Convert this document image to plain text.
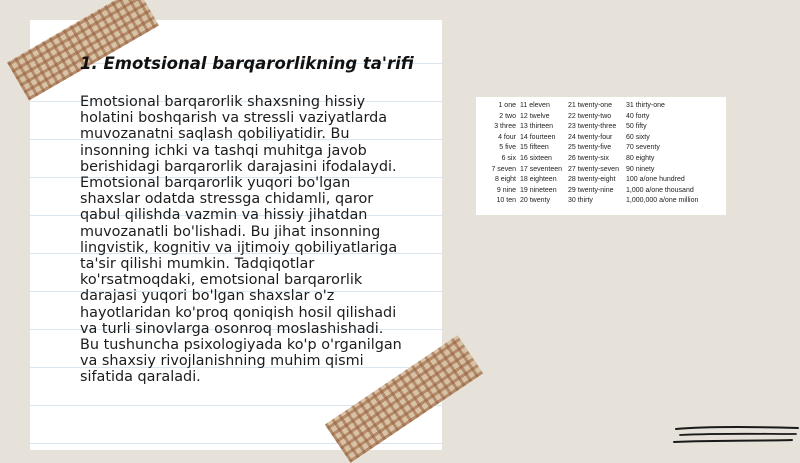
1. Emotsional barqarorlikning ta'rifi

Emotsional barqarorlik shaxsning hissiy
holatini boshqarish va stressli vaziyatlarda
muvozanatni saqlash qobiliyatidir. Bu
insonning ichki va tashqi muhitga javob
berishidagi barqarorlik darajasini ifodalaydi.
Emotsional barqarorlik yuqori bo'lgan
shaxslar odatda stressga chidamli, qaror
qabul qilishda vazmin va hissiy jihatdan
muvozanatli bo'lishadi. Bu jihat insonning
lingvistik, kognitiv va ijtimoiy qobiliyatlariga
ta'sir qilishi mumkin. Tadqiqotlar
ko'rsatmoqdaki, emotsional barqarorlik
darajasi yuqori bo'lgan shaxslar o'z
hayotlaridan ko'proq qoniqish hosil qilishadi
va turli sinovlarga osonroq moslashishadi.
Bu tushuncha psixologiyada ko'p o'rganilgan
va shaxsiy rivojlanishning muhim qismi
sifatida qaraladi.

1 one
2 two
3 three
4 four
5 five
6 six
7 seven
8 eight
9 nine
10 ten
11 eleven
12 twelve
13 thirteen
14 fourteen
15 fifteen
16 sixteen
17 seventeen
18 eighteen
19 nineteen
20 twenty
21 twenty-one
22 twenty-two
23 twenty-three
24 twenty-four
25 twenty-five
26 twenty-six
27 twenty-seven
28 twenty-eight
29 twenty-nine
30 thirty
31 thirty-one
40 forty
50 fifty
60 sixty
70 seventy
80 eighty
90 ninety
100 a/one hundred
1,000 a/one thousand
1,000,000 a/one million
